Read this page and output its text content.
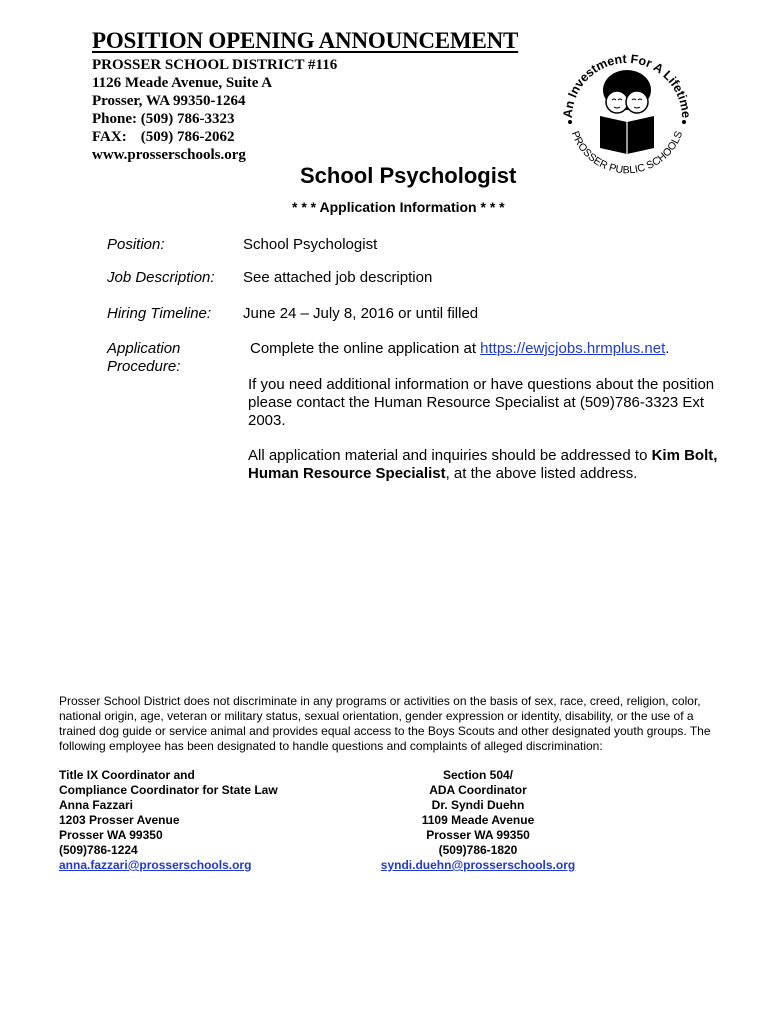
POSITION OPENING ANNOUNCEMENT
PROSSER SCHOOL DISTRICT #116
1126 Meade Avenue, Suite A
Prosser, WA 99350-1264
Phone: (509) 786-3323
FAX: (509) 786-2062
www.prosserschools.org
An Investment For A Lifetime
PROSSER PUBLIC SCHOOLS
School Psychologist
* * * Application Information * * *
Position:	School Psychologist
Job Description: See attached job description
Hiring Timeline: June 24 – July 8, 2016 or until filled
Application
Procedure:
Complete the online application at https://ewjcjobs.hrmplus.net.
If you need additional information or have questions about the position please contact the Human Resource Specialist at (509)786-3323 Ext 2003.
All application material and inquiries should be addressed to Kim Bolt, Human Resource Specialist, at the above listed address.
Prosser School District does not discriminate in any programs or activities on the basis of sex, race, creed, religion, color, national origin, age, veteran or military status, sexual orientation, gender expression or identity, disability, or the use of a trained dog guide or service animal and provides equal access to the Boys Scouts and other designated youth groups. The following employee has been designated to handle questions and complaints of alleged discrimination:
Title IX Coordinator and
Compliance Coordinator for State Law
Anna Fazzari
1203 Prosser Avenue
Prosser WA 99350
(509)786-1224
anna.fazzari@prosserschools.org
Section 504/
ADA Coordinator
Dr. Syndi Duehn
1109 Meade Avenue
Prosser WA 99350
(509)786-1820
syndi.duehn@prosserschools.org
